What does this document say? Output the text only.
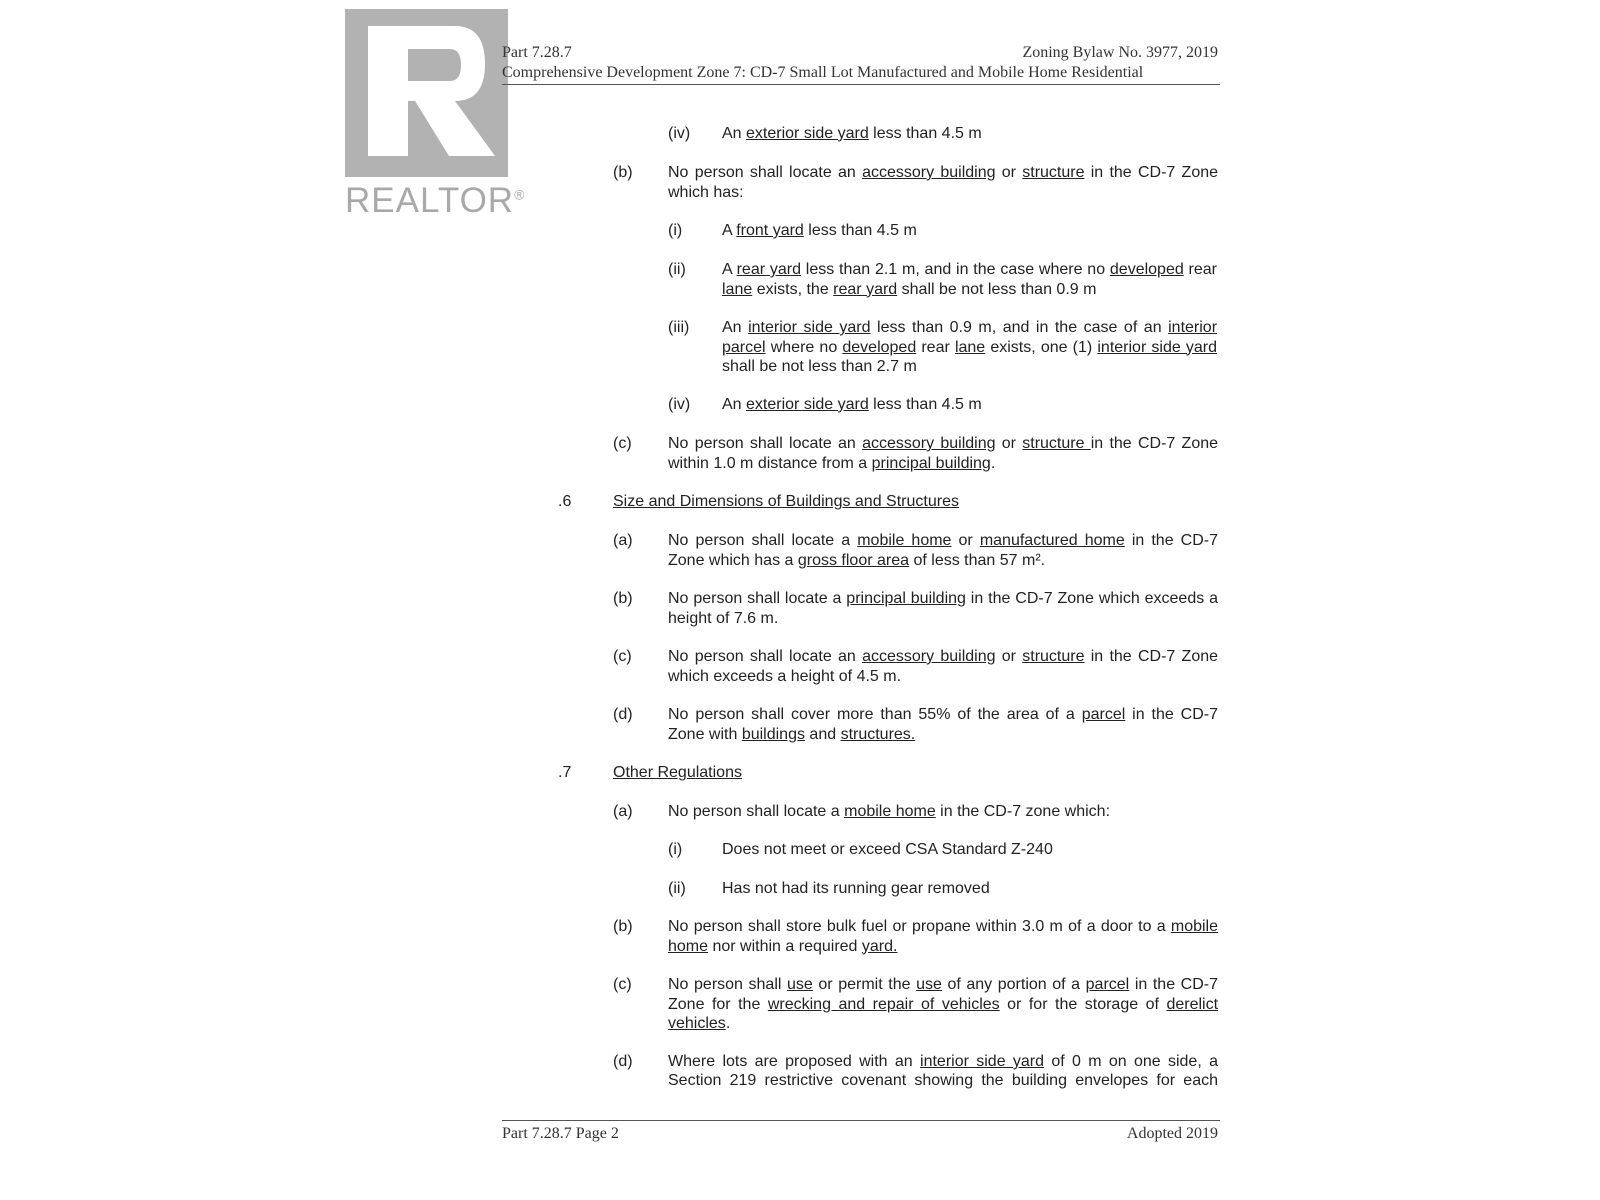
REALTOR®
Part 7.28.7	Zoning Bylaw No. 3977, 2019
Comprehensive Development Zone 7: CD-7 Small Lot Manufactured and Mobile Home Residential
(iv) An exterior side yard less than 4.5 m
(b) No person shall locate an accessory building or structure in the CD-7 Zone which has:
(i) A front yard less than 4.5 m
(ii) A rear yard less than 2.1 m, and in the case where no developed rear lane exists, the rear yard shall be not less than 0.9 m
(iii) An interior side yard less than 0.9 m, and in the case of an interior parcel where no developed rear lane exists, one (1) interior side yard shall be not less than 2.7 m
(iv) An exterior side yard less than 4.5 m
(c) No person shall locate an accessory building or structure in the CD-7 Zone within 1.0 m distance from a principal building.
.6	Size and Dimensions of Buildings and Structures
(a) No person shall locate a mobile home or manufactured home in the CD-7 Zone which has a gross floor area of less than 57 m².
(b) No person shall locate a principal building in the CD-7 Zone which exceeds a height of 7.6 m.
(c) No person shall locate an accessory building or structure in the CD-7 Zone which exceeds a height of 4.5 m.
(d) No person shall cover more than 55% of the area of a parcel in the CD-7 Zone with buildings and structures.
.7	Other Regulations
(a) No person shall locate a mobile home in the CD-7 zone which:
(i) Does not meet or exceed CSA Standard Z-240
(ii) Has not had its running gear removed
(b) No person shall store bulk fuel or propane within 3.0 m of a door to a mobile home nor within a required yard.
(c) No person shall use or permit the use of any portion of a parcel in the CD-7 Zone for the wrecking and repair of vehicles or for the storage of derelict vehicles.
(d) Where lots are proposed with an interior side yard of 0 m on one side, a
Section 219 restrictive covenant showing the building envelopes for each
Part 7.28.7 Page 2	Adopted 2019
